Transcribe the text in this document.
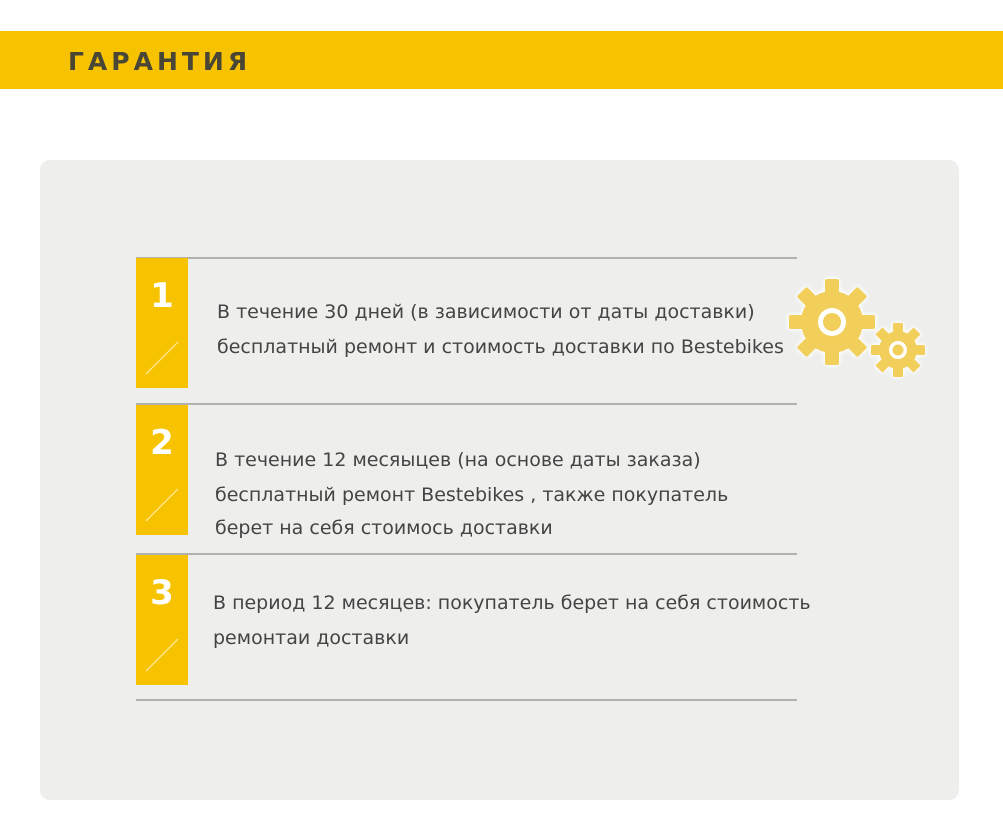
ГАРАНТИЯ
1	В течение 30 дней (в зависимости от даты доставки)
бесплатный ремонт и стоимость доставки по Bestebikes
2	В течение 12 месяыцев (на основе даты заказа)
бесплатный ремонт Bestebikes , также покупатель
берет на себя стоимось доставки
3	В период 12 месяцев: покупатель берет на себя стоимость
ремонтаи доставки
